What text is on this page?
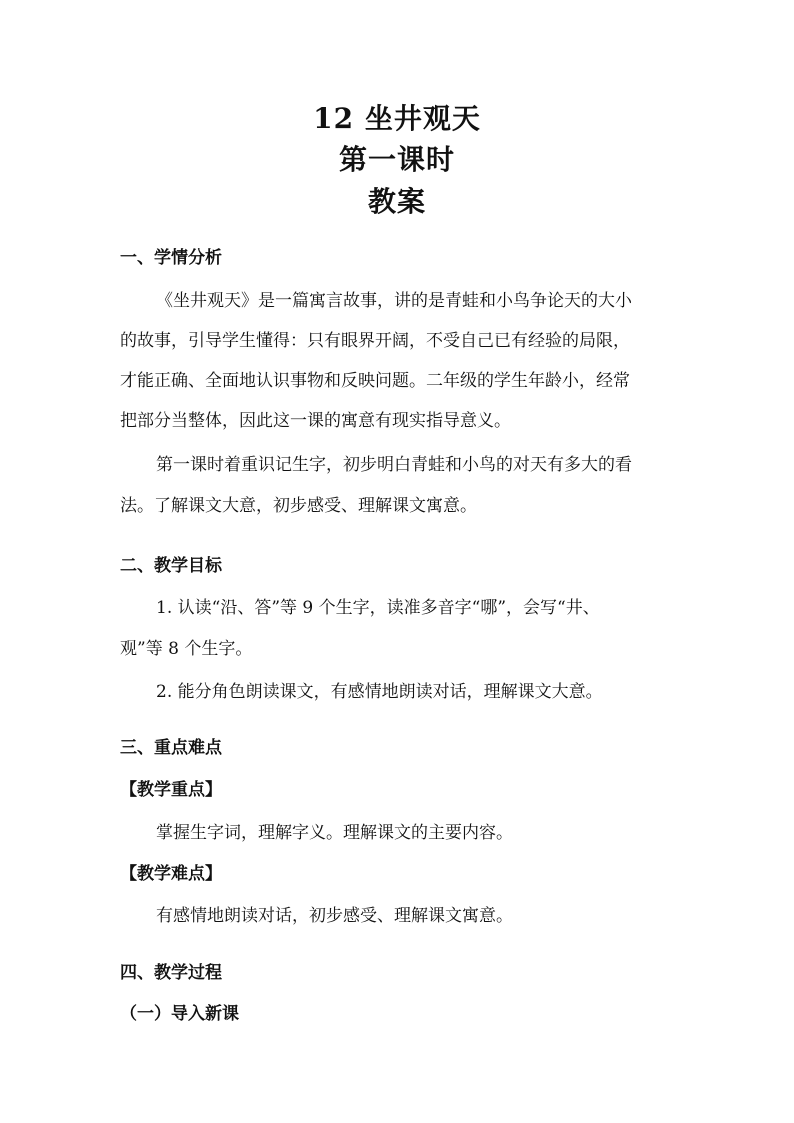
12 坐井观天
第一课时
教案
一、学情分析
《坐井观天》是一篇寓言故事，讲的是青蛙和小鸟争论天的大小
的故事，引导学生懂得：只有眼界开阔，不受自己已有经验的局限，
才能正确、全面地认识事物和反映问题。二年级的学生年龄小，经常
把部分当整体，因此这一课的寓意有现实指导意义。
第一课时着重识记生字，初步明白青蛙和小鸟的对天有多大的看
法。了解课文大意，初步感受、理解课文寓意。
二、教学目标
1. 认读“沿、答”等 9 个生字，读准多音字“哪”，会写“井、
观”等 8 个生字。
2. 能分角色朗读课文，有感情地朗读对话，理解课文大意。
三、重点难点
【教学重点】
掌握生字词，理解字义。理解课文的主要内容。
【教学难点】
有感情地朗读对话，初步感受、理解课文寓意。
四、教学过程
（一）导入新课
